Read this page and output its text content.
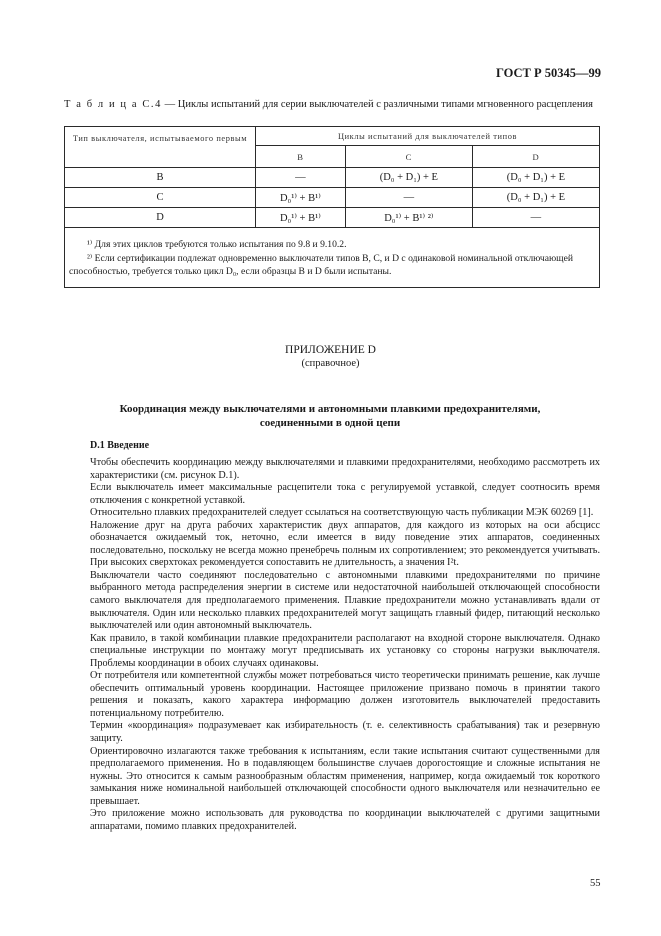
ГОСТ Р 50345—99
Т а б л и ц а С.4 — Циклы испытаний для серии выключателей с различными типами мгновенного расцепления
Тип выключателя, испытываемого первым	Циклы испытаний для выключателей типов		
	B	C	D
B	—	(D₀ + D₁) + E	(D₀ + D₁) + E
C	D₀¹⁾ + B¹⁾	—	(D₀ + D₁) + E
D	D₀¹⁾ + B¹⁾	D₀¹⁾ + B¹⁾ ²⁾	—

¹⁾ Для этих циклов требуются только испытания по 9.8 и 9.10.2.

²⁾ Если сертификации подлежат одновременно выключатели типов B, C, и D с одинаковой номинальной отключающей способностью, требуется только цикл D₀, если образцы B и D были испытаны.

ПРИЛОЖЕНИЕ D
(справочное)
Координация между выключателями и автономными плавкими предохранителями,
соединенными в одной цепи
D.1 Введение

Чтобы обеспечить координацию между выключателями и плавкими предохранителями, необходимо рассмотреть их характеристики (см. рисунок D.1).

Если выключатель имеет максимальные расцепители тока с регулируемой уставкой, следует соотносить время отключения с конкретной уставкой.

Относительно плавких предохранителей следует ссылаться на соответствующую часть публикации МЭК 60269 [1].

Наложение друг на друга рабочих характеристик двух аппаратов, для каждого из которых на оси абсцисс обозначается ожидаемый ток, неточно, если имеется в виду поведение этих аппаратов, соединенных последовательно, поскольку не всегда можно пренебречь полным их сопротивлением; это рекомендуется учитывать. При высоких сверхтоках рекомендуется сопоставить не длительность, а значения I²t.

Выключатели часто соединяют последовательно с автономными плавкими предохранителями по причине выбранного метода распределения энергии в системе или недостаточной наибольшей отключающей способности самого выключателя для предполагаемого применения. Плавкие предохранители можно устанавливать вдали от выключателя. Один или несколько плавких предохранителей могут защищать главный фидер, питающий несколько выключателей или один автономный выключатель.

Как правило, в такой комбинации плавкие предохранители располагают на входной стороне выключателя. Однако специальные инструкции по монтажу могут предписывать их установку со стороны нагрузки выключателя. Проблемы координации в обоих случаях одинаковы.

От потребителя или компетентной службы может потребоваться чисто теоретически принимать решение, как лучше обеспечить оптимальный уровень координации. Настоящее приложение призвано помочь в принятии такого решения и показать, какого характера информацию должен изготовитель выключателей предоставить потенциальному потребителю.

Термин «координация» подразумевает как избирательность (т. е. селективность срабатывания) так и резервную защиту.

Ориентировочно излагаются также требования к испытаниям, если такие испытания считают существенными для предполагаемого применения. Но в подавляющем большинстве случаев дорогостоящие и сложные испытания не нужны. Это относится к самым разнообразным областям применения, например, когда ожидаемый ток короткого замыкания ниже номинальной наибольшей отключающей способности одного выключателя или незначительно ее превышает.

Это приложение можно использовать для руководства по координации выключателей с другими защитными аппаратами, помимо плавких предохранителей.

55
